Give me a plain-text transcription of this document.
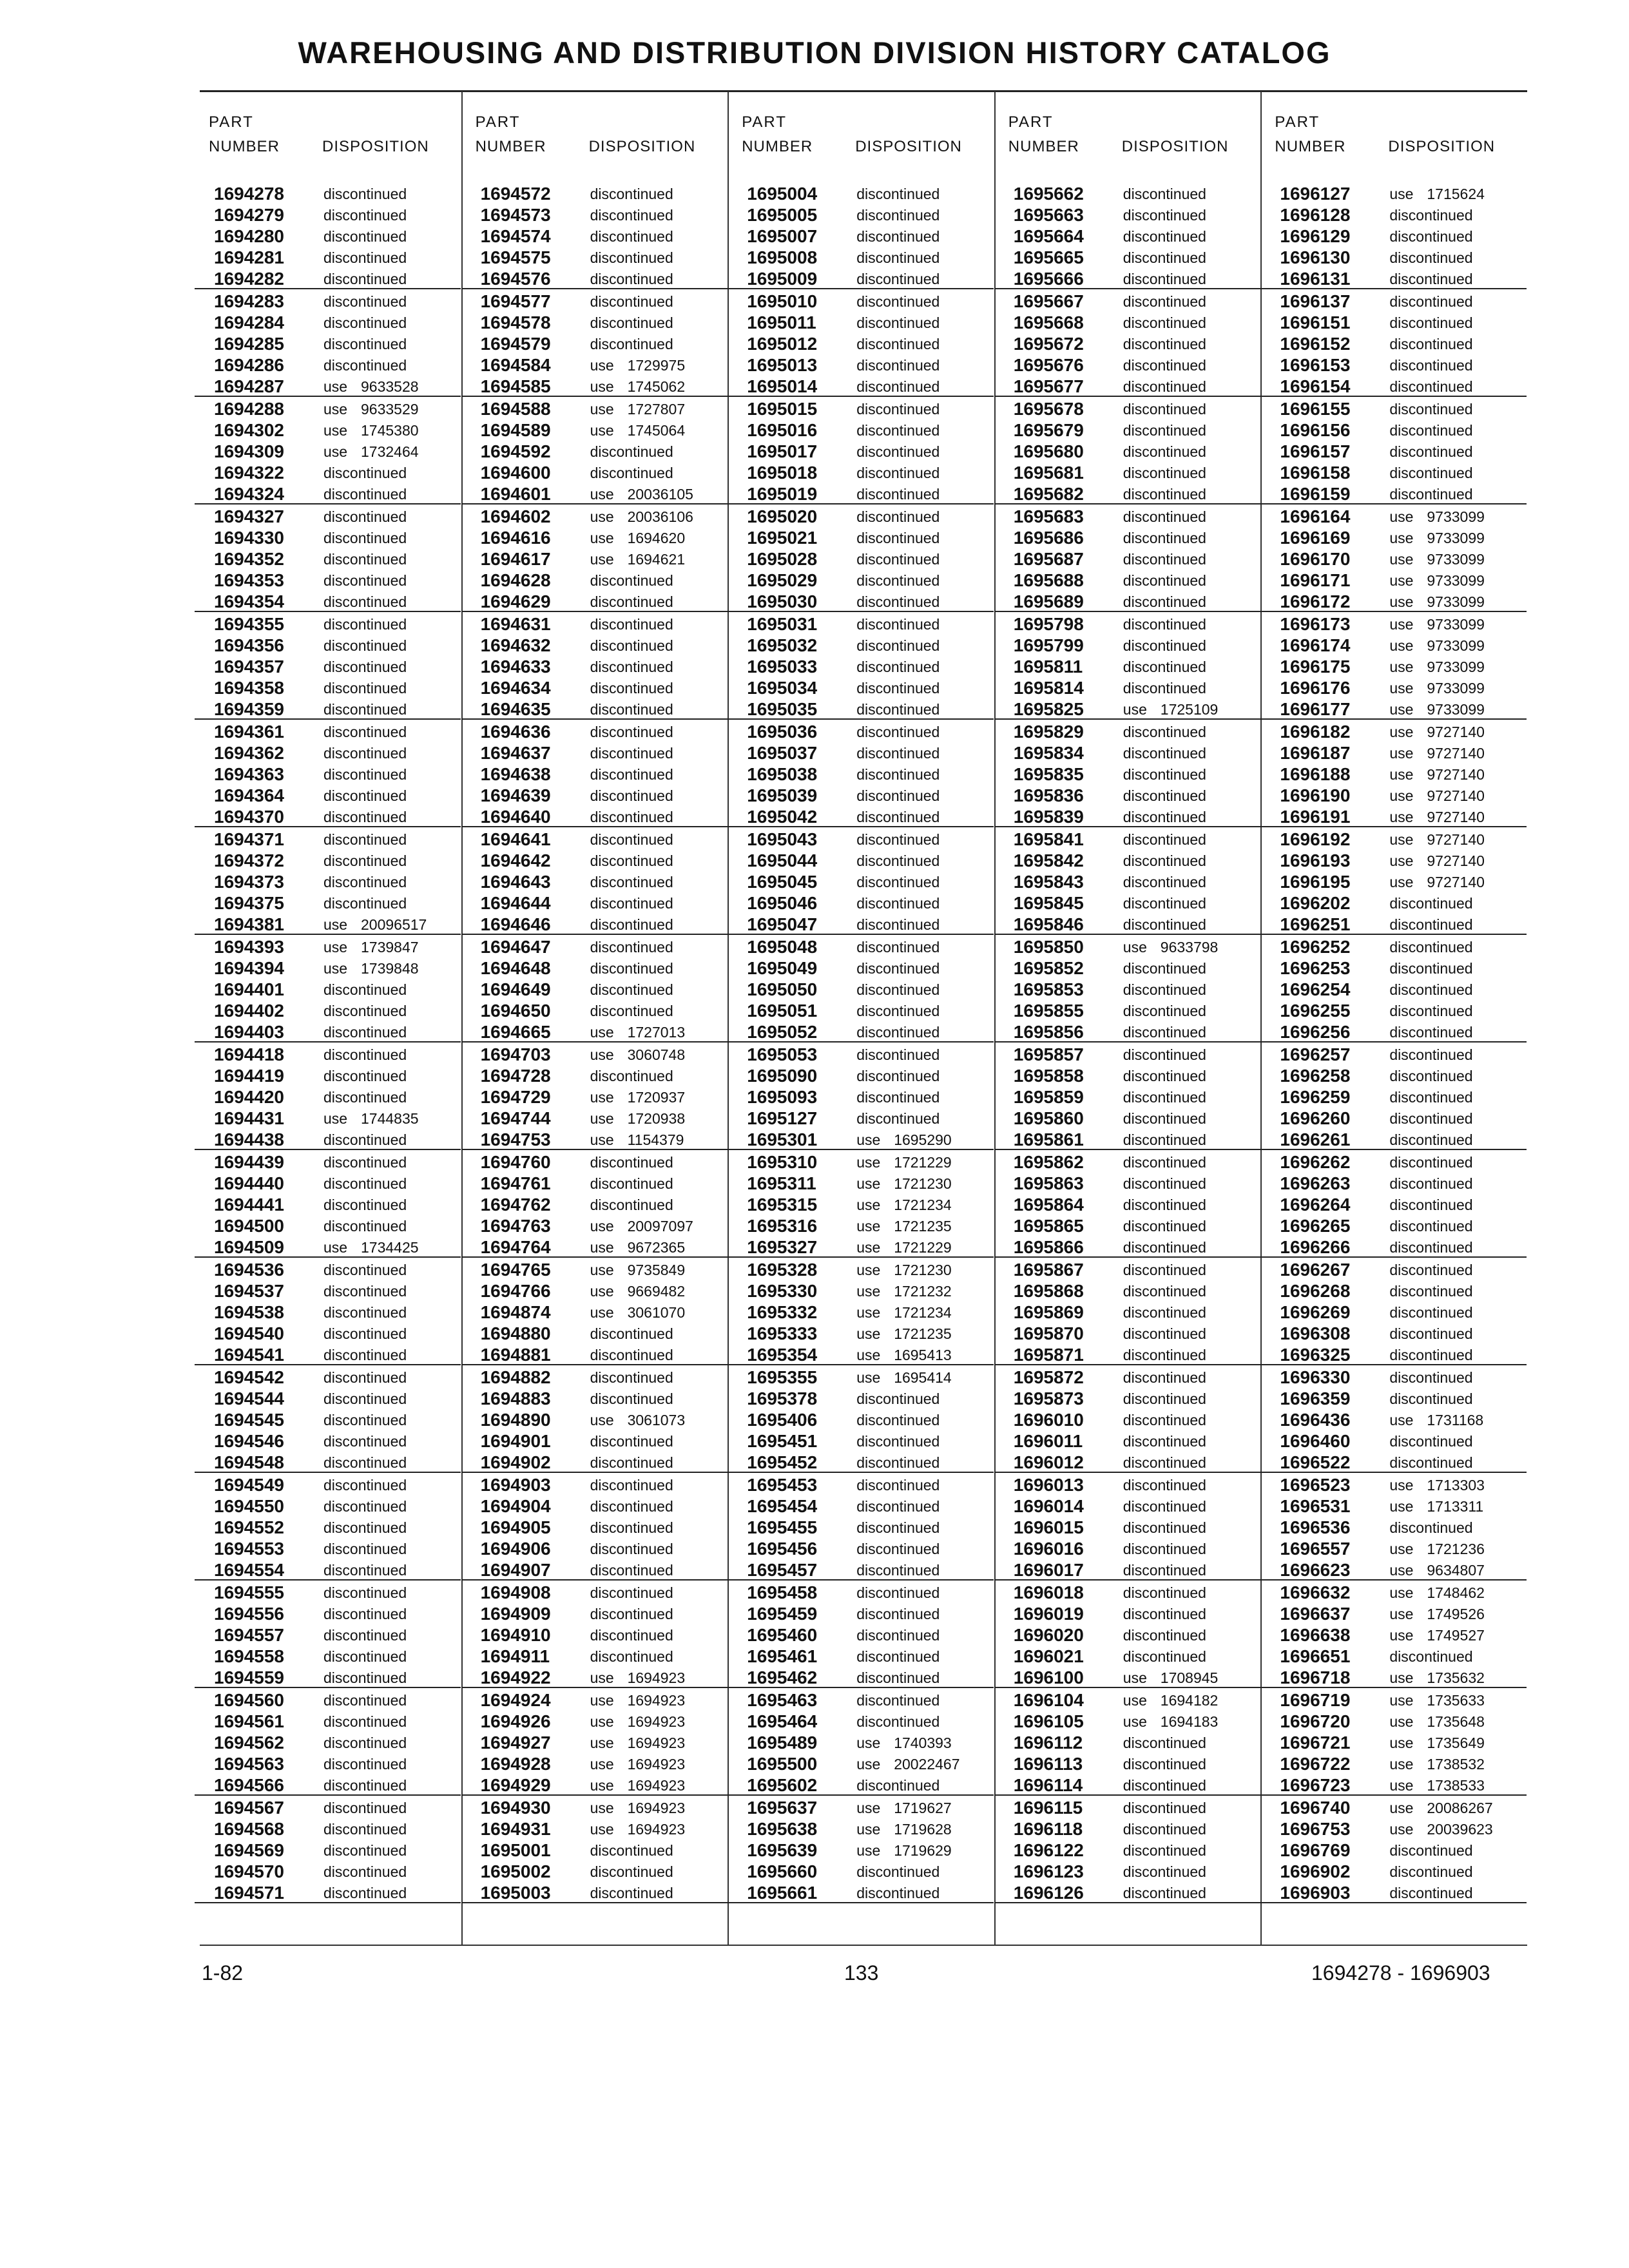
WAREHOUSING AND DISTRIBUTION DIVISION HISTORY CATALOG
PART
NUMBER	DISPOSITION
1694278	discontinued
1694279	discontinued
1694280	discontinued
1694281	discontinued
1694282	discontinued
1694283	discontinued
1694284	discontinued
1694285	discontinued
1694286	discontinued
1694287	use 9633528
1694288	use 9633529
1694302	use 1745380
1694309	use 1732464
1694322	discontinued
1694324	discontinued
1694327	discontinued
1694330	discontinued
1694352	discontinued
1694353	discontinued
1694354	discontinued
1694355	discontinued
1694356	discontinued
1694357	discontinued
1694358	discontinued
1694359	discontinued
1694361	discontinued
1694362	discontinued
1694363	discontinued
1694364	discontinued
1694370	discontinued
1694371	discontinued
1694372	discontinued
1694373	discontinued
1694375	discontinued
1694381	use 20096517
1694393	use 1739847
1694394	use 1739848
1694401	discontinued
1694402	discontinued
1694403	discontinued
1694418	discontinued
1694419	discontinued
1694420	discontinued
1694431	use 1744835
1694438	discontinued
1694439	discontinued
1694440	discontinued
1694441	discontinued
1694500	discontinued
1694509	use 1734425
1694536	discontinued
1694537	discontinued
1694538	discontinued
1694540	discontinued
1694541	discontinued
1694542	discontinued
1694544	discontinued
1694545	discontinued
1694546	discontinued
1694548	discontinued
1694549	discontinued
1694550	discontinued
1694552	discontinued
1694553	discontinued
1694554	discontinued
1694555	discontinued
1694556	discontinued
1694557	discontinued
1694558	discontinued
1694559	discontinued
1694560	discontinued
1694561	discontinued
1694562	discontinued
1694563	discontinued
1694566	discontinued
1694567	discontinued
1694568	discontinued
1694569	discontinued
1694570	discontinued
1694571	discontinued
PART
NUMBER	DISPOSITION
1694572	discontinued
1694573	discontinued
1694574	discontinued
1694575	discontinued
1694576	discontinued
1694577	discontinued
1694578	discontinued
1694579	discontinued
1694584	use 1729975
1694585	use 1745062
1694588	use 1727807
1694589	use 1745064
1694592	discontinued
1694600	discontinued
1694601	use 20036105
1694602	use 20036106
1694616	use 1694620
1694617	use 1694621
1694628	discontinued
1694629	discontinued
1694631	discontinued
1694632	discontinued
1694633	discontinued
1694634	discontinued
1694635	discontinued
1694636	discontinued
1694637	discontinued
1694638	discontinued
1694639	discontinued
1694640	discontinued
1694641	discontinued
1694642	discontinued
1694643	discontinued
1694644	discontinued
1694646	discontinued
1694647	discontinued
1694648	discontinued
1694649	discontinued
1694650	discontinued
1694665	use 1727013
1694703	use 3060748
1694728	discontinued
1694729	use 1720937
1694744	use 1720938
1694753	use 1154379
1694760	discontinued
1694761	discontinued
1694762	discontinued
1694763	use 20097097
1694764	use 9672365
1694765	use 9735849
1694766	use 9669482
1694874	use 3061070
1694880	discontinued
1694881	discontinued
1694882	discontinued
1694883	discontinued
1694890	use 3061073
1694901	discontinued
1694902	discontinued
1694903	discontinued
1694904	discontinued
1694905	discontinued
1694906	discontinued
1694907	discontinued
1694908	discontinued
1694909	discontinued
1694910	discontinued
1694911	discontinued
1694922	use 1694923
1694924	use 1694923
1694926	use 1694923
1694927	use 1694923
1694928	use 1694923
1694929	use 1694923
1694930	use 1694923
1694931	use 1694923
1695001	discontinued
1695002	discontinued
1695003	discontinued
PART
NUMBER	DISPOSITION
1695004	discontinued
1695005	discontinued
1695007	discontinued
1695008	discontinued
1695009	discontinued
1695010	discontinued
1695011	discontinued
1695012	discontinued
1695013	discontinued
1695014	discontinued
1695015	discontinued
1695016	discontinued
1695017	discontinued
1695018	discontinued
1695019	discontinued
1695020	discontinued
1695021	discontinued
1695028	discontinued
1695029	discontinued
1695030	discontinued
1695031	discontinued
1695032	discontinued
1695033	discontinued
1695034	discontinued
1695035	discontinued
1695036	discontinued
1695037	discontinued
1695038	discontinued
1695039	discontinued
1695042	discontinued
1695043	discontinued
1695044	discontinued
1695045	discontinued
1695046	discontinued
1695047	discontinued
1695048	discontinued
1695049	discontinued
1695050	discontinued
1695051	discontinued
1695052	discontinued
1695053	discontinued
1695090	discontinued
1695093	discontinued
1695127	discontinued
1695301	use 1695290
1695310	use 1721229
1695311	use 1721230
1695315	use 1721234
1695316	use 1721235
1695327	use 1721229
1695328	use 1721230
1695330	use 1721232
1695332	use 1721234
1695333	use 1721235
1695354	use 1695413
1695355	use 1695414
1695378	discontinued
1695406	discontinued
1695451	discontinued
1695452	discontinued
1695453	discontinued
1695454	discontinued
1695455	discontinued
1695456	discontinued
1695457	discontinued
1695458	discontinued
1695459	discontinued
1695460	discontinued
1695461	discontinued
1695462	discontinued
1695463	discontinued
1695464	discontinued
1695489	use 1740393
1695500	use 20022467
1695602	discontinued
1695637	use 1719627
1695638	use 1719628
1695639	use 1719629
1695660	discontinued
1695661	discontinued
PART
NUMBER	DISPOSITION
1695662	discontinued
1695663	discontinued
1695664	discontinued
1695665	discontinued
1695666	discontinued
1695667	discontinued
1695668	discontinued
1695672	discontinued
1695676	discontinued
1695677	discontinued
1695678	discontinued
1695679	discontinued
1695680	discontinued
1695681	discontinued
1695682	discontinued
1695683	discontinued
1695686	discontinued
1695687	discontinued
1695688	discontinued
1695689	discontinued
1695798	discontinued
1695799	discontinued
1695811	discontinued
1695814	discontinued
1695825	use 1725109
1695829	discontinued
1695834	discontinued
1695835	discontinued
1695836	discontinued
1695839	discontinued
1695841	discontinued
1695842	discontinued
1695843	discontinued
1695845	discontinued
1695846	discontinued
1695850	use 9633798
1695852	discontinued
1695853	discontinued
1695855	discontinued
1695856	discontinued
1695857	discontinued
1695858	discontinued
1695859	discontinued
1695860	discontinued
1695861	discontinued
1695862	discontinued
1695863	discontinued
1695864	discontinued
1695865	discontinued
1695866	discontinued
1695867	discontinued
1695868	discontinued
1695869	discontinued
1695870	discontinued
1695871	discontinued
1695872	discontinued
1695873	discontinued
1696010	discontinued
1696011	discontinued
1696012	discontinued
1696013	discontinued
1696014	discontinued
1696015	discontinued
1696016	discontinued
1696017	discontinued
1696018	discontinued
1696019	discontinued
1696020	discontinued
1696021	discontinued
1696100	use 1708945
1696104	use 1694182
1696105	use 1694183
1696112	discontinued
1696113	discontinued
1696114	discontinued
1696115	discontinued
1696118	discontinued
1696122	discontinued
1696123	discontinued
1696126	discontinued
PART
NUMBER	DISPOSITION
1696127	use 1715624
1696128	discontinued
1696129	discontinued
1696130	discontinued
1696131	discontinued
1696137	discontinued
1696151	discontinued
1696152	discontinued
1696153	discontinued
1696154	discontinued
1696155	discontinued
1696156	discontinued
1696157	discontinued
1696158	discontinued
1696159	discontinued
1696164	use 9733099
1696169	use 9733099
1696170	use 9733099
1696171	use 9733099
1696172	use 9733099
1696173	use 9733099
1696174	use 9733099
1696175	use 9733099
1696176	use 9733099
1696177	use 9733099
1696182	use 9727140
1696187	use 9727140
1696188	use 9727140
1696190	use 9727140
1696191	use 9727140
1696192	use 9727140
1696193	use 9727140
1696195	use 9727140
1696202	discontinued
1696251	discontinued
1696252	discontinued
1696253	discontinued
1696254	discontinued
1696255	discontinued
1696256	discontinued
1696257	discontinued
1696258	discontinued
1696259	discontinued
1696260	discontinued
1696261	discontinued
1696262	discontinued
1696263	discontinued
1696264	discontinued
1696265	discontinued
1696266	discontinued
1696267	discontinued
1696268	discontinued
1696269	discontinued
1696308	discontinued
1696325	discontinued
1696330	discontinued
1696359	discontinued
1696436	use 1731168
1696460	discontinued
1696522	discontinued
1696523	use 1713303
1696531	use 1713311
1696536	discontinued
1696557	use 1721236
1696623	use 9634807
1696632	use 1748462
1696637	use 1749526
1696638	use 1749527
1696651	discontinued
1696718	use 1735632
1696719	use 1735633
1696720	use 1735648
1696721	use 1735649
1696722	use 1738532
1696723	use 1738533
1696740	use 20086267
1696753	use 20039623
1696769	discontinued
1696902	discontinued
1696903	discontinued
1-82	133	1694278 - 1696903
